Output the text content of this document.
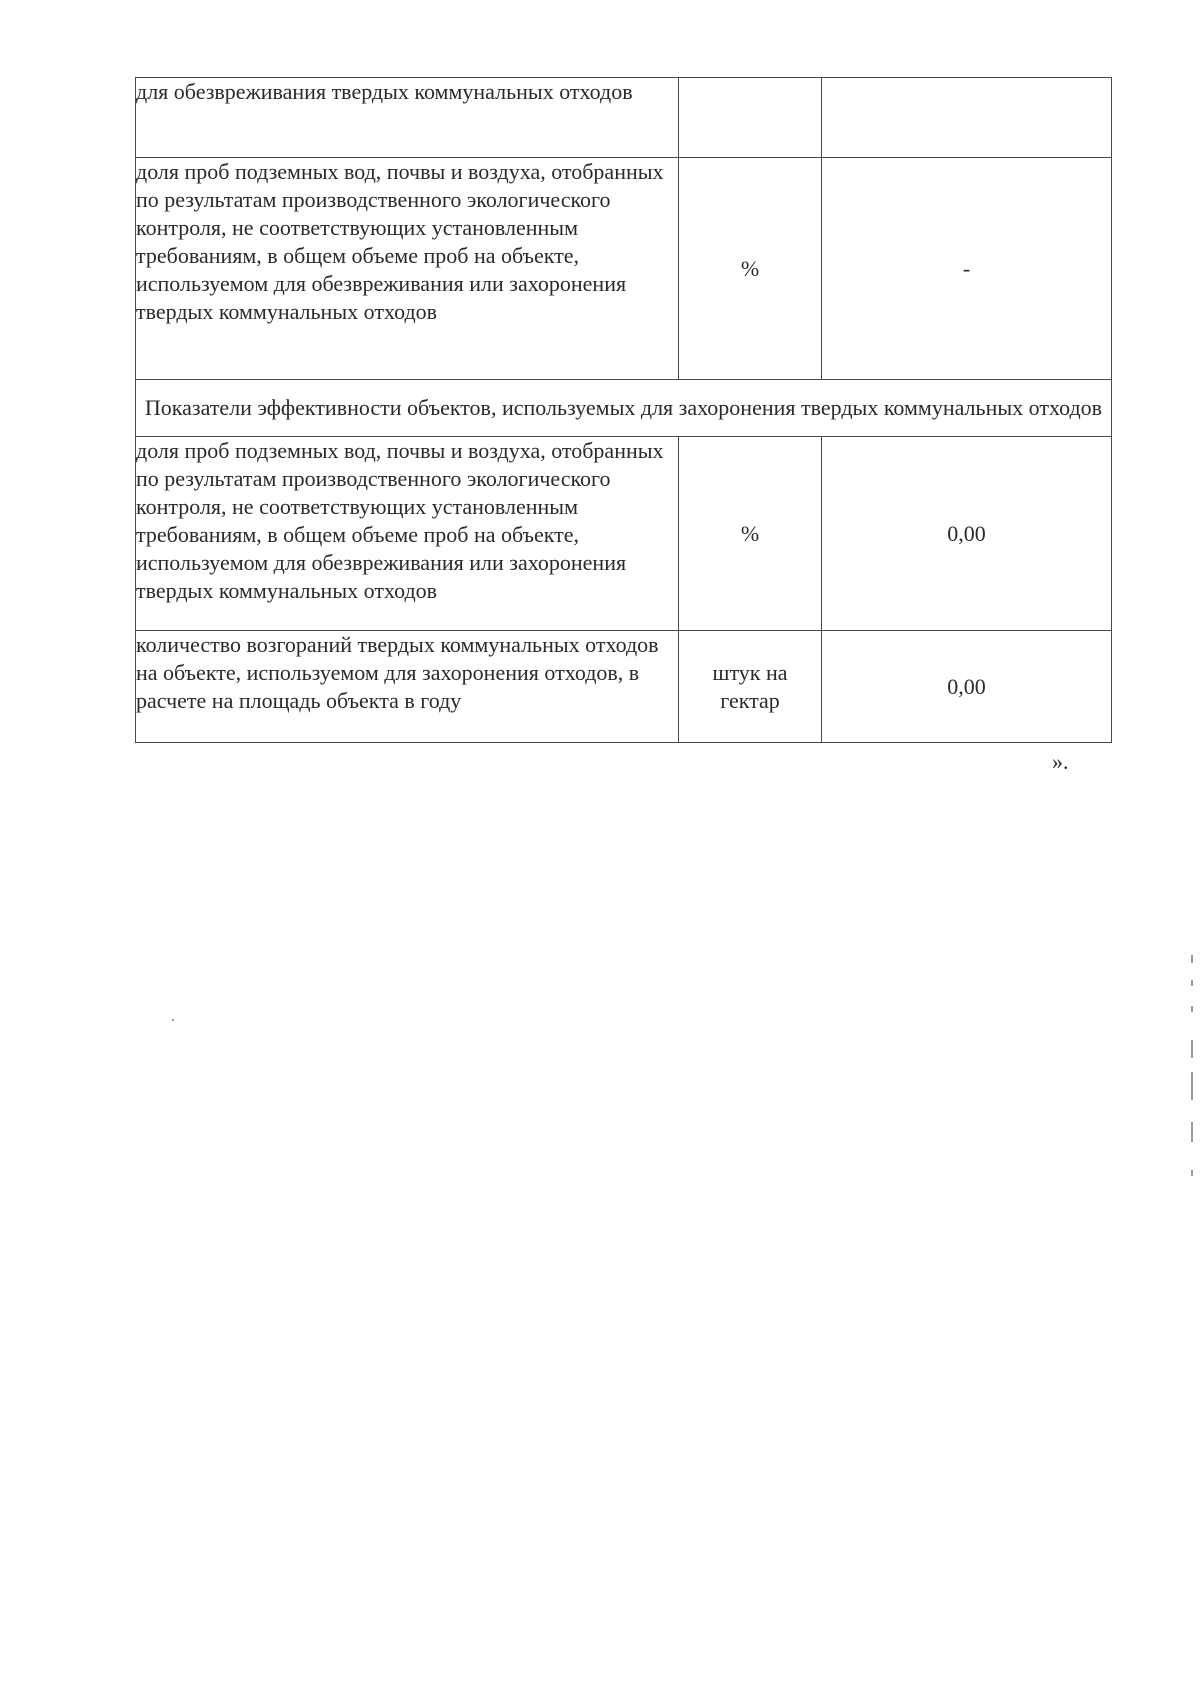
для обезвреживания твердых коммунальных отходов		
доля проб подземных вод, почвы и воздуха, отобранных по результатам производственного экологического контроля, не соответствующих установленным требованиям, в общем объеме проб на объекте, используемом для обезвреживания или захоронения твердых коммунальных отходов	%	-
Показатели эффективности объектов, используемых для захоронения твердых коммунальных отходов		
доля проб подземных вод, почвы и воздуха, отобранных по результатам производственного экологического контроля, не соответствующих установленным требованиям, в общем объеме проб на объекте, используемом для обезвреживания или захоронения твердых коммунальных отходов	%	0,00
количество возгораний твердых коммунальных отходов на объекте, используемом для захоронения отходов, в расчете на площадь объекта в году	штук на гектар	0,00
».
